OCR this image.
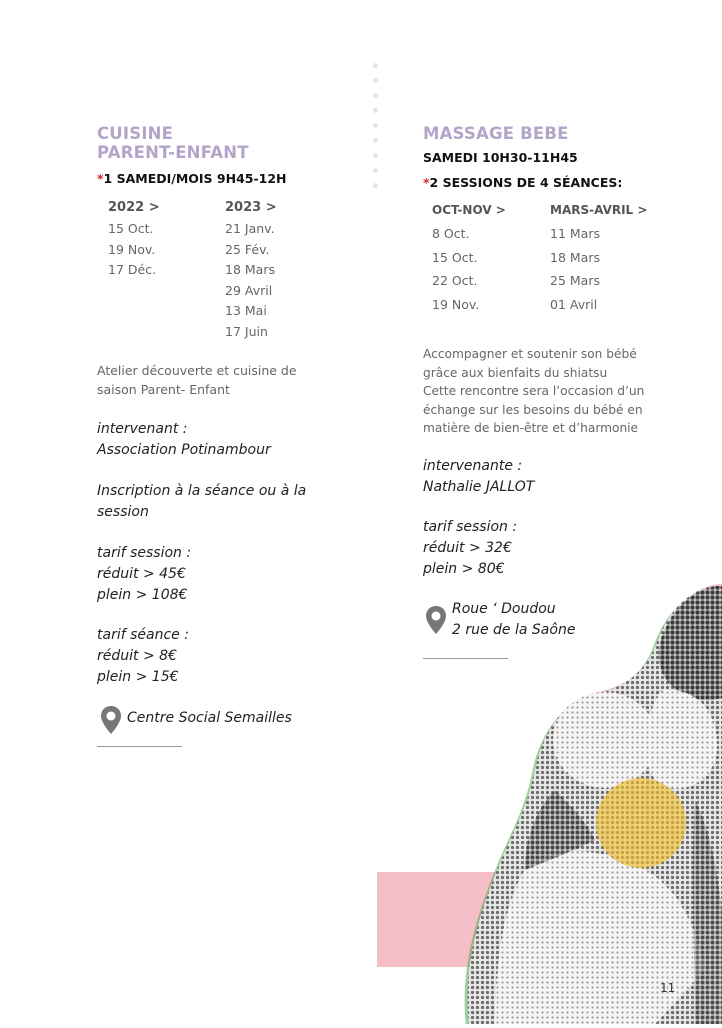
CUISINE
PARENT-ENFANT
*1 SAMEDI/MOIS 9H45-12H
2022 >
15 Oct.
19 Nov.
17 Déc.
2023 >
21 Janv.
25 Fév.
18 Mars
29 Avril
13 Mai
17 Juin
Atelier découverte et cuisine de
saison Parent- Enfant
intervenant :
Association Potinambour
Inscription à la séance ou à la
session
tarif session :
réduit > 45€
plein > 108€
tarif séance :
réduit > 8€
plein > 15€
Centre Social Semailles
MASSAGE BEBE
SAMEDI 10H30-11H45
*2 SESSIONS DE 4 SÉANCES:
OCT-NOV >
8 Oct.
15 Oct.
22 Oct.
19 Nov.
MARS-AVRIL >
11 Mars
18 Mars
25 Mars
01 Avril
Accompagner et soutenir son bébé
grâce aux bienfaits du shiatsu
Cette rencontre sera l’occasion d’un
échange sur les besoins du bébé en
matière de bien-être et d’harmonie
intervenante :
Nathalie JALLOT
tarif session :
réduit > 32€
plein > 80€
Roue ‘ Doudou
2 rue de la Saône
11
